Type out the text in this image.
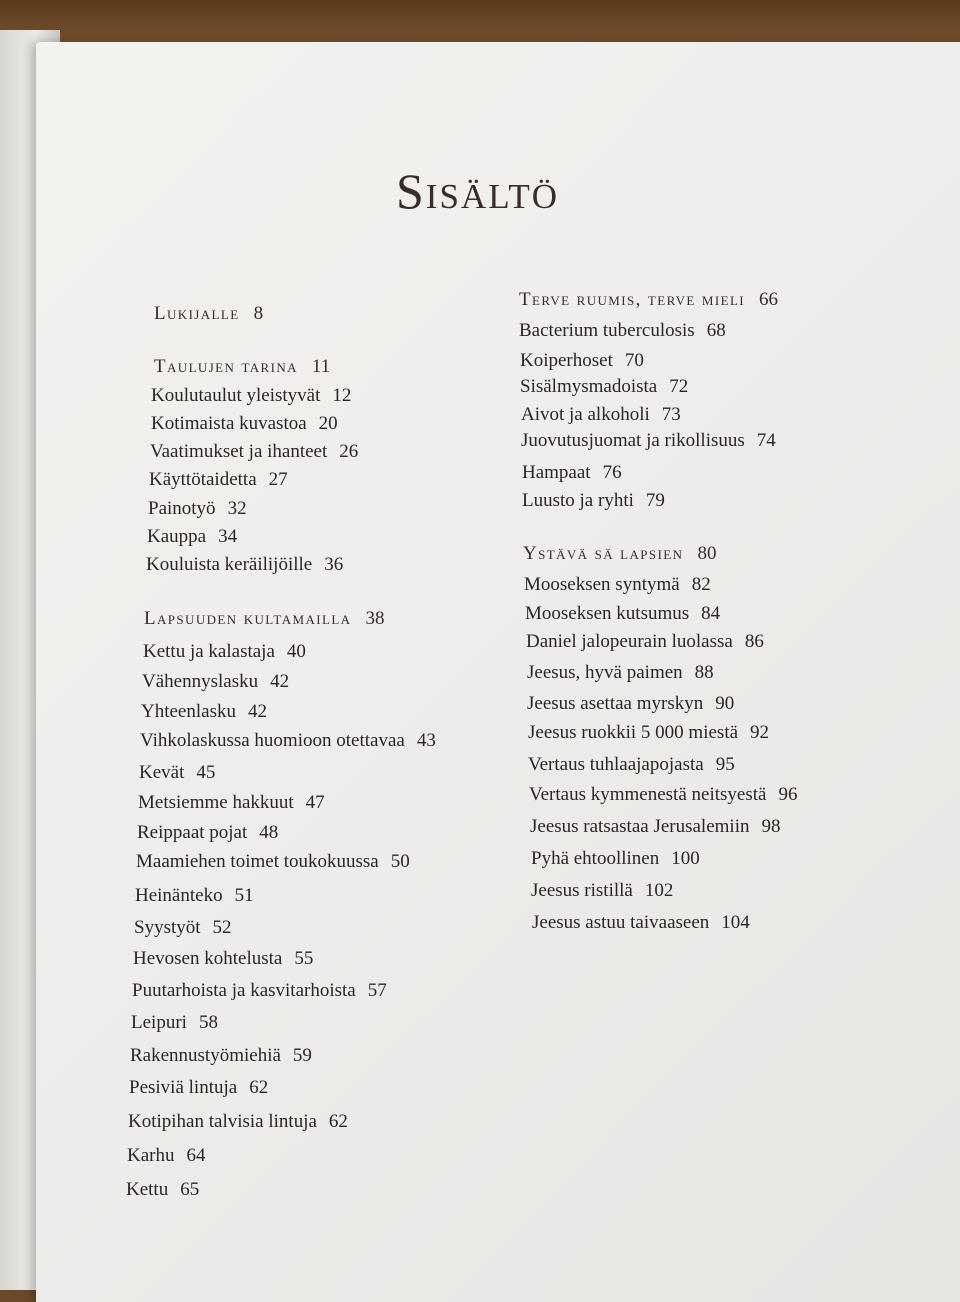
Sisältö
Lukijalle 8
Taulujen tarina 11
Koulutaulut yleistyvät 12
Kotimaista kuvastoa 20
Vaatimukset ja ihanteet 26
Käyttötaidetta 27
Painotyö 32
Kauppa 34
Kouluista keräilijöille 36
Lapsuuden kultamailla 38
Kettu ja kalastaja 40
Vähennyslasku 42
Yhteenlasku 42
Vihkolaskussa huomioon otettavaa 43
Kevät 45
Metsiemme hakkuut 47
Reippaat pojat 48
Maamiehen toimet toukokuussa 50
Heinänteko 51
Syystyöt 52
Hevosen kohtelusta 55
Puutarhoista ja kasvitarhoista 57
Leipuri 58
Rakennustyömiehiä 59
Pesiviä lintuja 62
Kotipihan talvisia lintuja 62
Karhu 64
Kettu 65
Terve ruumis, terve mieli 66
Bacterium tuberculosis 68
Koiperhoset 70
Sisälmysmadoista 72
Aivot ja alkoholi 73
Juovutusjuomat ja rikollisuus 74
Hampaat 76
Luusto ja ryhti 79
Ystävä sä lapsien 80
Mooseksen syntymä 82
Mooseksen kutsumus 84
Daniel jalopeurain luolassa 86
Jeesus, hyvä paimen 88
Jeesus asettaa myrskyn 90
Jeesus ruokkii 5 000 miestä 92
Vertaus tuhlaajapojasta 95
Vertaus kymmenestä neitsyestä 96
Jeesus ratsastaa Jerusalemiin 98
Pyhä ehtoollinen 100
Jeesus ristillä 102
Jeesus astuu taivaaseen 104
